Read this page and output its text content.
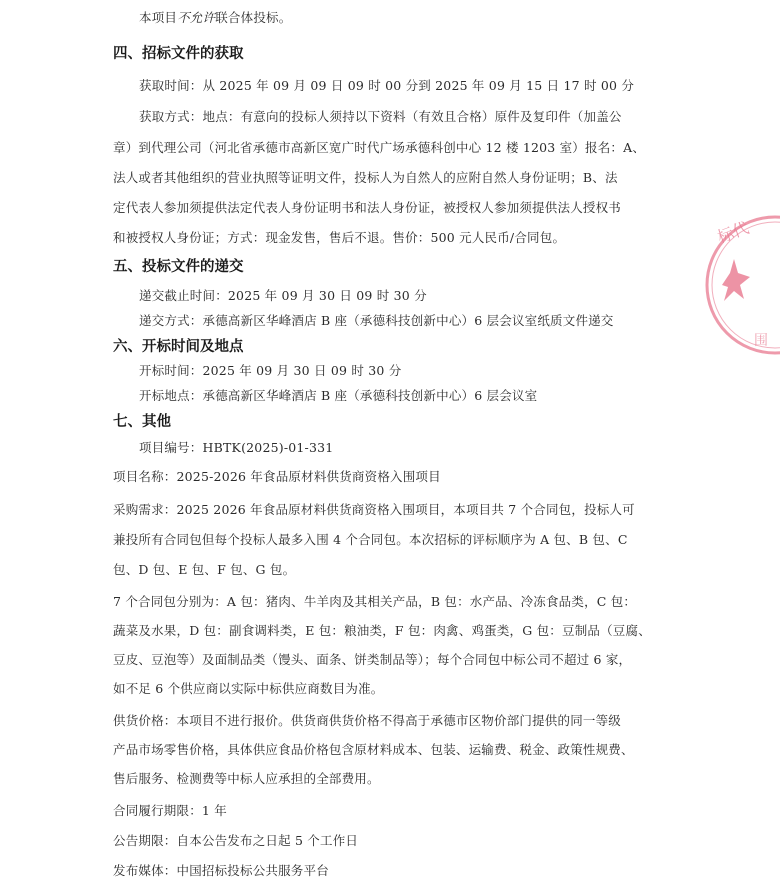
本项目不允许联合体投标。
四、招标文件的获取
获取时间：从 2025 年 09 月 09 日 09 时 00 分到 2025 年 09 月 15 日 17 时 00 分
获取方式：地点：有意向的投标人须持以下资料（有效且合格）原件及复印件（加盖公
章）到代理公司（河北省承德市高新区宽广时代广场承德科创中心 12 楼 1203 室）报名：A、
法人或者其他组织的营业执照等证明文件，投标人为自然人的应附自然人身份证明；B、法
定代表人参加须提供法定代表人身份证明书和法人身份证，被授权人参加须提供法人授权书
和被授权人身份证；方式：现金发售，售后不退。售价：500 元人民币/合同包。
五、投标文件的递交
递交截止时间：2025 年 09 月 30 日 09 时 30 分
递交方式：承德高新区华峰酒店 B 座（承德科技创新中心）6 层会议室纸质文件递交
六、开标时间及地点
开标时间：2025 年 09 月 30 日 09 时 30 分
开标地点：承德高新区华峰酒店 B 座（承德科技创新中心）6 层会议室
七、其他
项目编号：HBTK(2025)-01-331
项目名称：2025-2026 年食品原材料供货商资格入围项目
采购需求：2025 2026 年食品原材料供货商资格入围项目，本项目共 7 个合同包，投标人可
兼投所有合同包但每个投标人最多入围 4 个合同包。本次招标的评标顺序为 A 包、B 包、C
包、D 包、E 包、F 包、G 包。
7 个合同包分别为：A 包：猪肉、牛羊肉及其相关产品，B 包：水产品、冷冻食品类，C 包：
蔬菜及水果，D 包：副食调料类，E 包：粮油类，F 包：肉禽、鸡蛋类，G 包：豆制品（豆腐、
豆皮、豆泡等）及面制品类（馒头、面条、饼类制品等）；每个合同包中标公司不超过 6 家，
如不足 6 个供应商以实际中标供应商数目为准。
供货价格：本项目不进行报价。供货商供货价格不得高于承德市区物价部门提供的同一等级
产品市场零售价格，具体供应食品价格包含原材料成本、包装、运输费、税金、政策性规费、
售后服务、检测费等中标人应承担的全部费用。
合同履行期限：1 年
公告期限：自本公告发布之日起 5 个工作日
发布媒体：中国招标投标公共服务平台
标代
围
